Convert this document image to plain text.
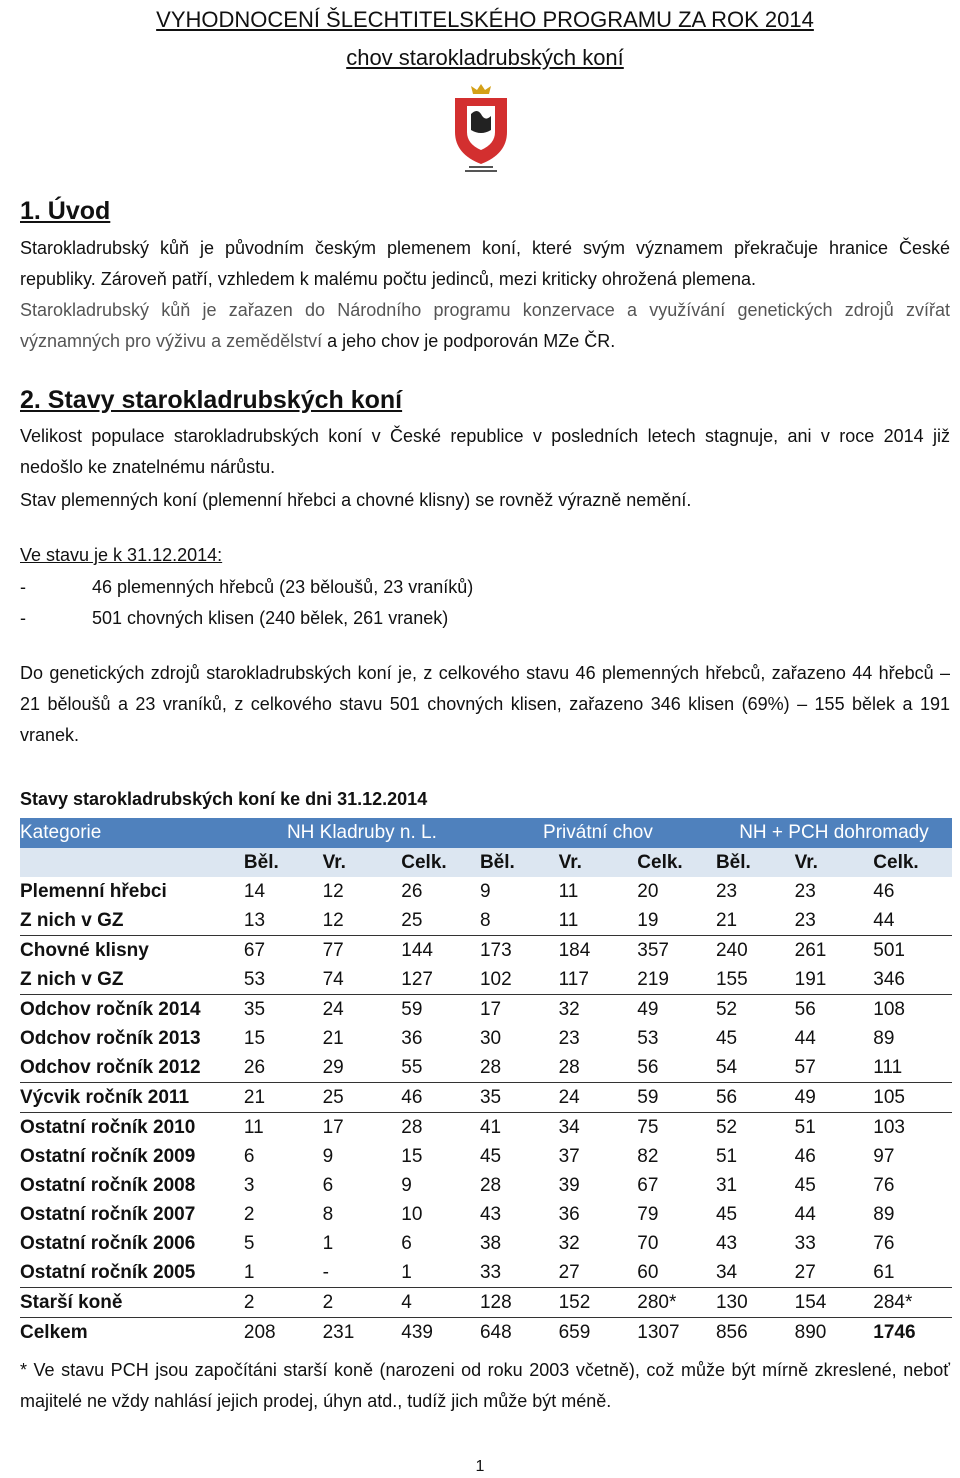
VYHODNOCENÍ ŠLECHTITELSKÉHO PROGRAMU ZA ROK 2014
chov starokladrubských koní
1. Úvod

Starokladrubský kůň je původním českým plemenem koní, které svým významem překračuje hranice České republiky. Zároveň patří, vzhledem k malému počtu jedinců, mezi kriticky ohrožená plemena.

Starokladrubský kůň je zařazen do Národního programu konzervace a využívání genetických zdrojů zvířat významných pro výživu a zemědělství a jeho chov je podporován MZe ČR.

2. Stavy starokladrubských koní

Velikost populace starokladrubských koní v České republice v posledních letech stagnuje, ani v roce 2014 již nedošlo ke znatelnému nárůstu.

Stav plemenných koní (plemenní hřebci a chovné klisny) se rovněž výrazně nemění.

Ve stavu je k 31.12.2014:

-	46 plemenných hřebců (23 běloušů, 23 vraníků)
-	501 chovných klisen (240 bělek, 261 vranek)

Do genetických zdrojů starokladrubských koní je, z celkového stavu 46 plemenných hřebců, zařazeno 44 hřebců – 21 běloušů a 23 vraníků, z celkového stavu 501 chovných klisen, zařazeno 346 klisen (69%) – 155 bělek a 191 vranek.

Stavy starokladrubských koní ke dni 31.12.2014

Kategorie	NH Kladruby n. L.			Privátní chov			NH + PCH dohromady		
	Běl.	Vr.	Celk.	Běl.	Vr.	Celk.	Běl.	Vr.	Celk.
Plemenní hřebci	14	12	26	9	11	20	23	23	46
Z nich v GZ	13	12	25	8	11	19	21	23	44
Chovné klisny	67	77	144	173	184	357	240	261	501
Z nich v GZ	53	74	127	102	117	219	155	191	346
Odchov ročník 2014	35	24	59	17	32	49	52	56	108
Odchov ročník 2013	15	21	36	30	23	53	45	44	89
Odchov ročník 2012	26	29	55	28	28	56	54	57	111
Výcvik ročník 2011	21	25	46	35	24	59	56	49	105
Ostatní ročník 2010	11	17	28	41	34	75	52	51	103
Ostatní ročník 2009	6	9	15	45	37	82	51	46	97
Ostatní ročník 2008	3	6	9	28	39	67	31	45	76
Ostatní ročník 2007	2	8	10	43	36	79	45	44	89
Ostatní ročník 2006	5	1	6	38	32	70	43	33	76
Ostatní ročník 2005	1	-	1	33	27	60	34	27	61
Starší koně	2	2	4	128	152	280*	130	154	284*
Celkem	208	231	439	648	659	1307	856	890	1746
* Ve stavu PCH jsou započítáni starší koně (narozeni od roku 2003 včetně), což může být mírně zkreslené, neboť majitelé ne vždy nahlásí jejich prodej, úhyn atd., tudíž jich může být méně.
1
